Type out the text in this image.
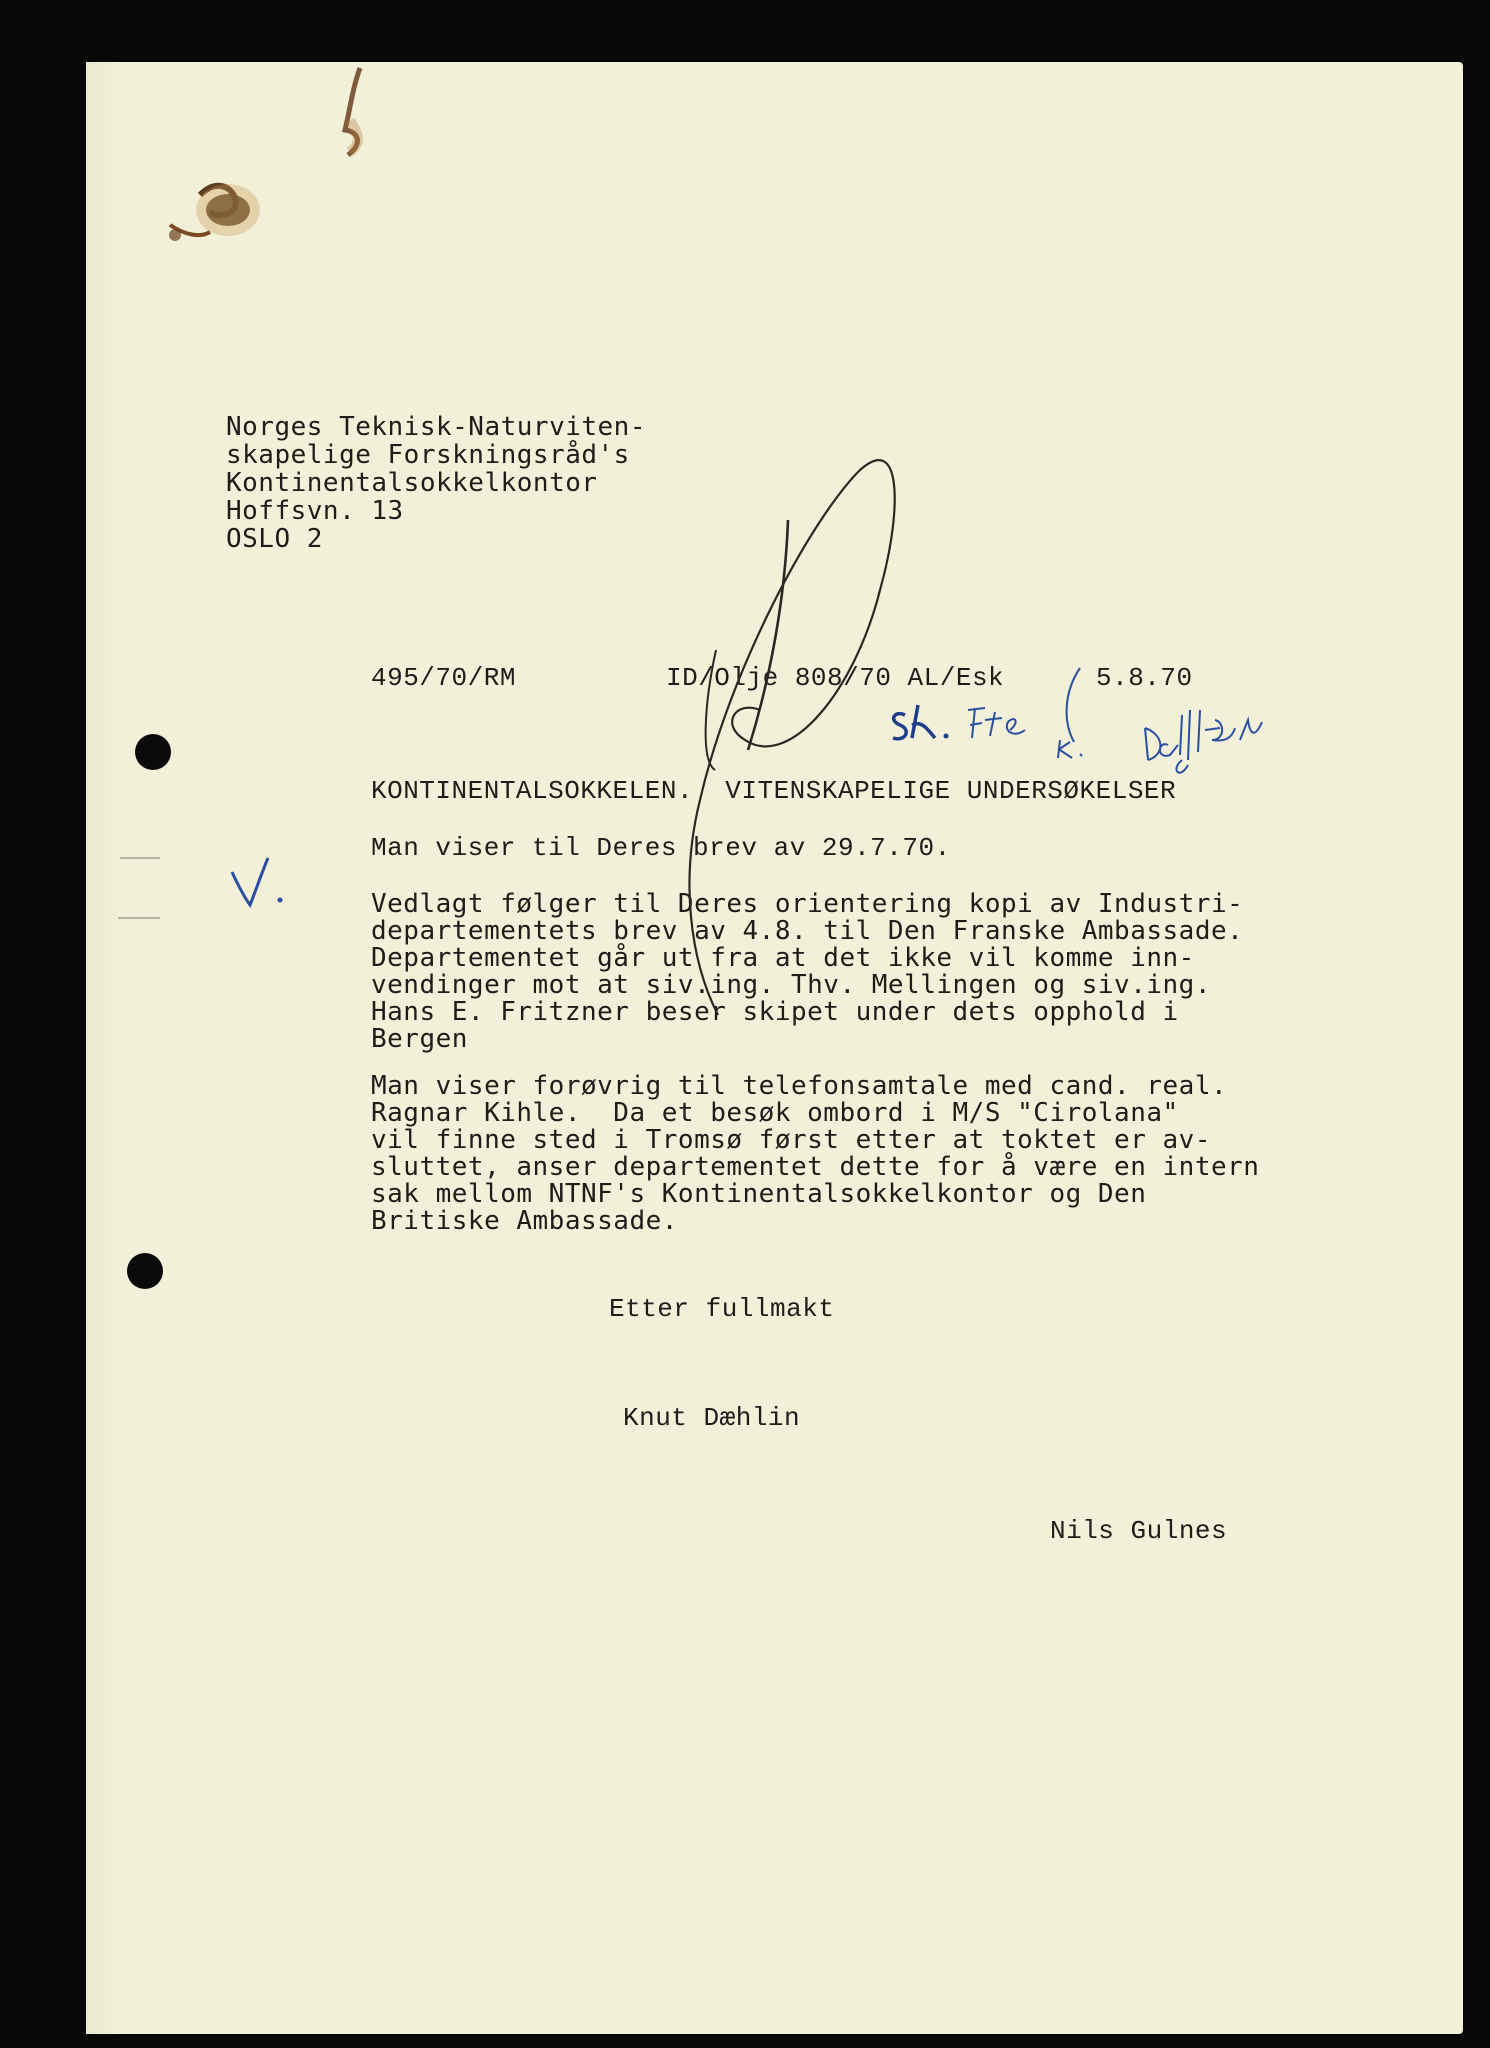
Norges Teknisk-Naturviten-
skapelige Forskningsråd's
Kontinentalsokkelkontor
Hoffsvn. 13
OSLO 2
495/70/RM	ID/Olje 808/70 AL/Esk	5.8.70
KONTINENTALSOKKELEN.  VITENSKAPELIGE UNDERSØKELSER
Man viser til Deres brev av 29.7.70.
Vedlagt følger til Deres orientering kopi av Industri-
departementets brev av 4.8. til Den Franske Ambassade.
Departementet går ut fra at det ikke vil komme inn-
vendinger mot at siv.ing. Thv. Mellingen og siv.ing.
Hans E. Fritzner beser skipet under dets opphold i
Bergen
Man viser forøvrig til telefonsamtale med cand. real.
Ragnar Kihle.  Da et besøk ombord i M/S "Cirolana"
vil finne sted i Tromsø først etter at toktet er av-
sluttet, anser departementet dette for å være en intern
sak mellom NTNF's Kontinentalsokkelkontor og Den
Britiske Ambassade.
Etter fullmakt
Knut Dæhlin
Nils Gulnes
